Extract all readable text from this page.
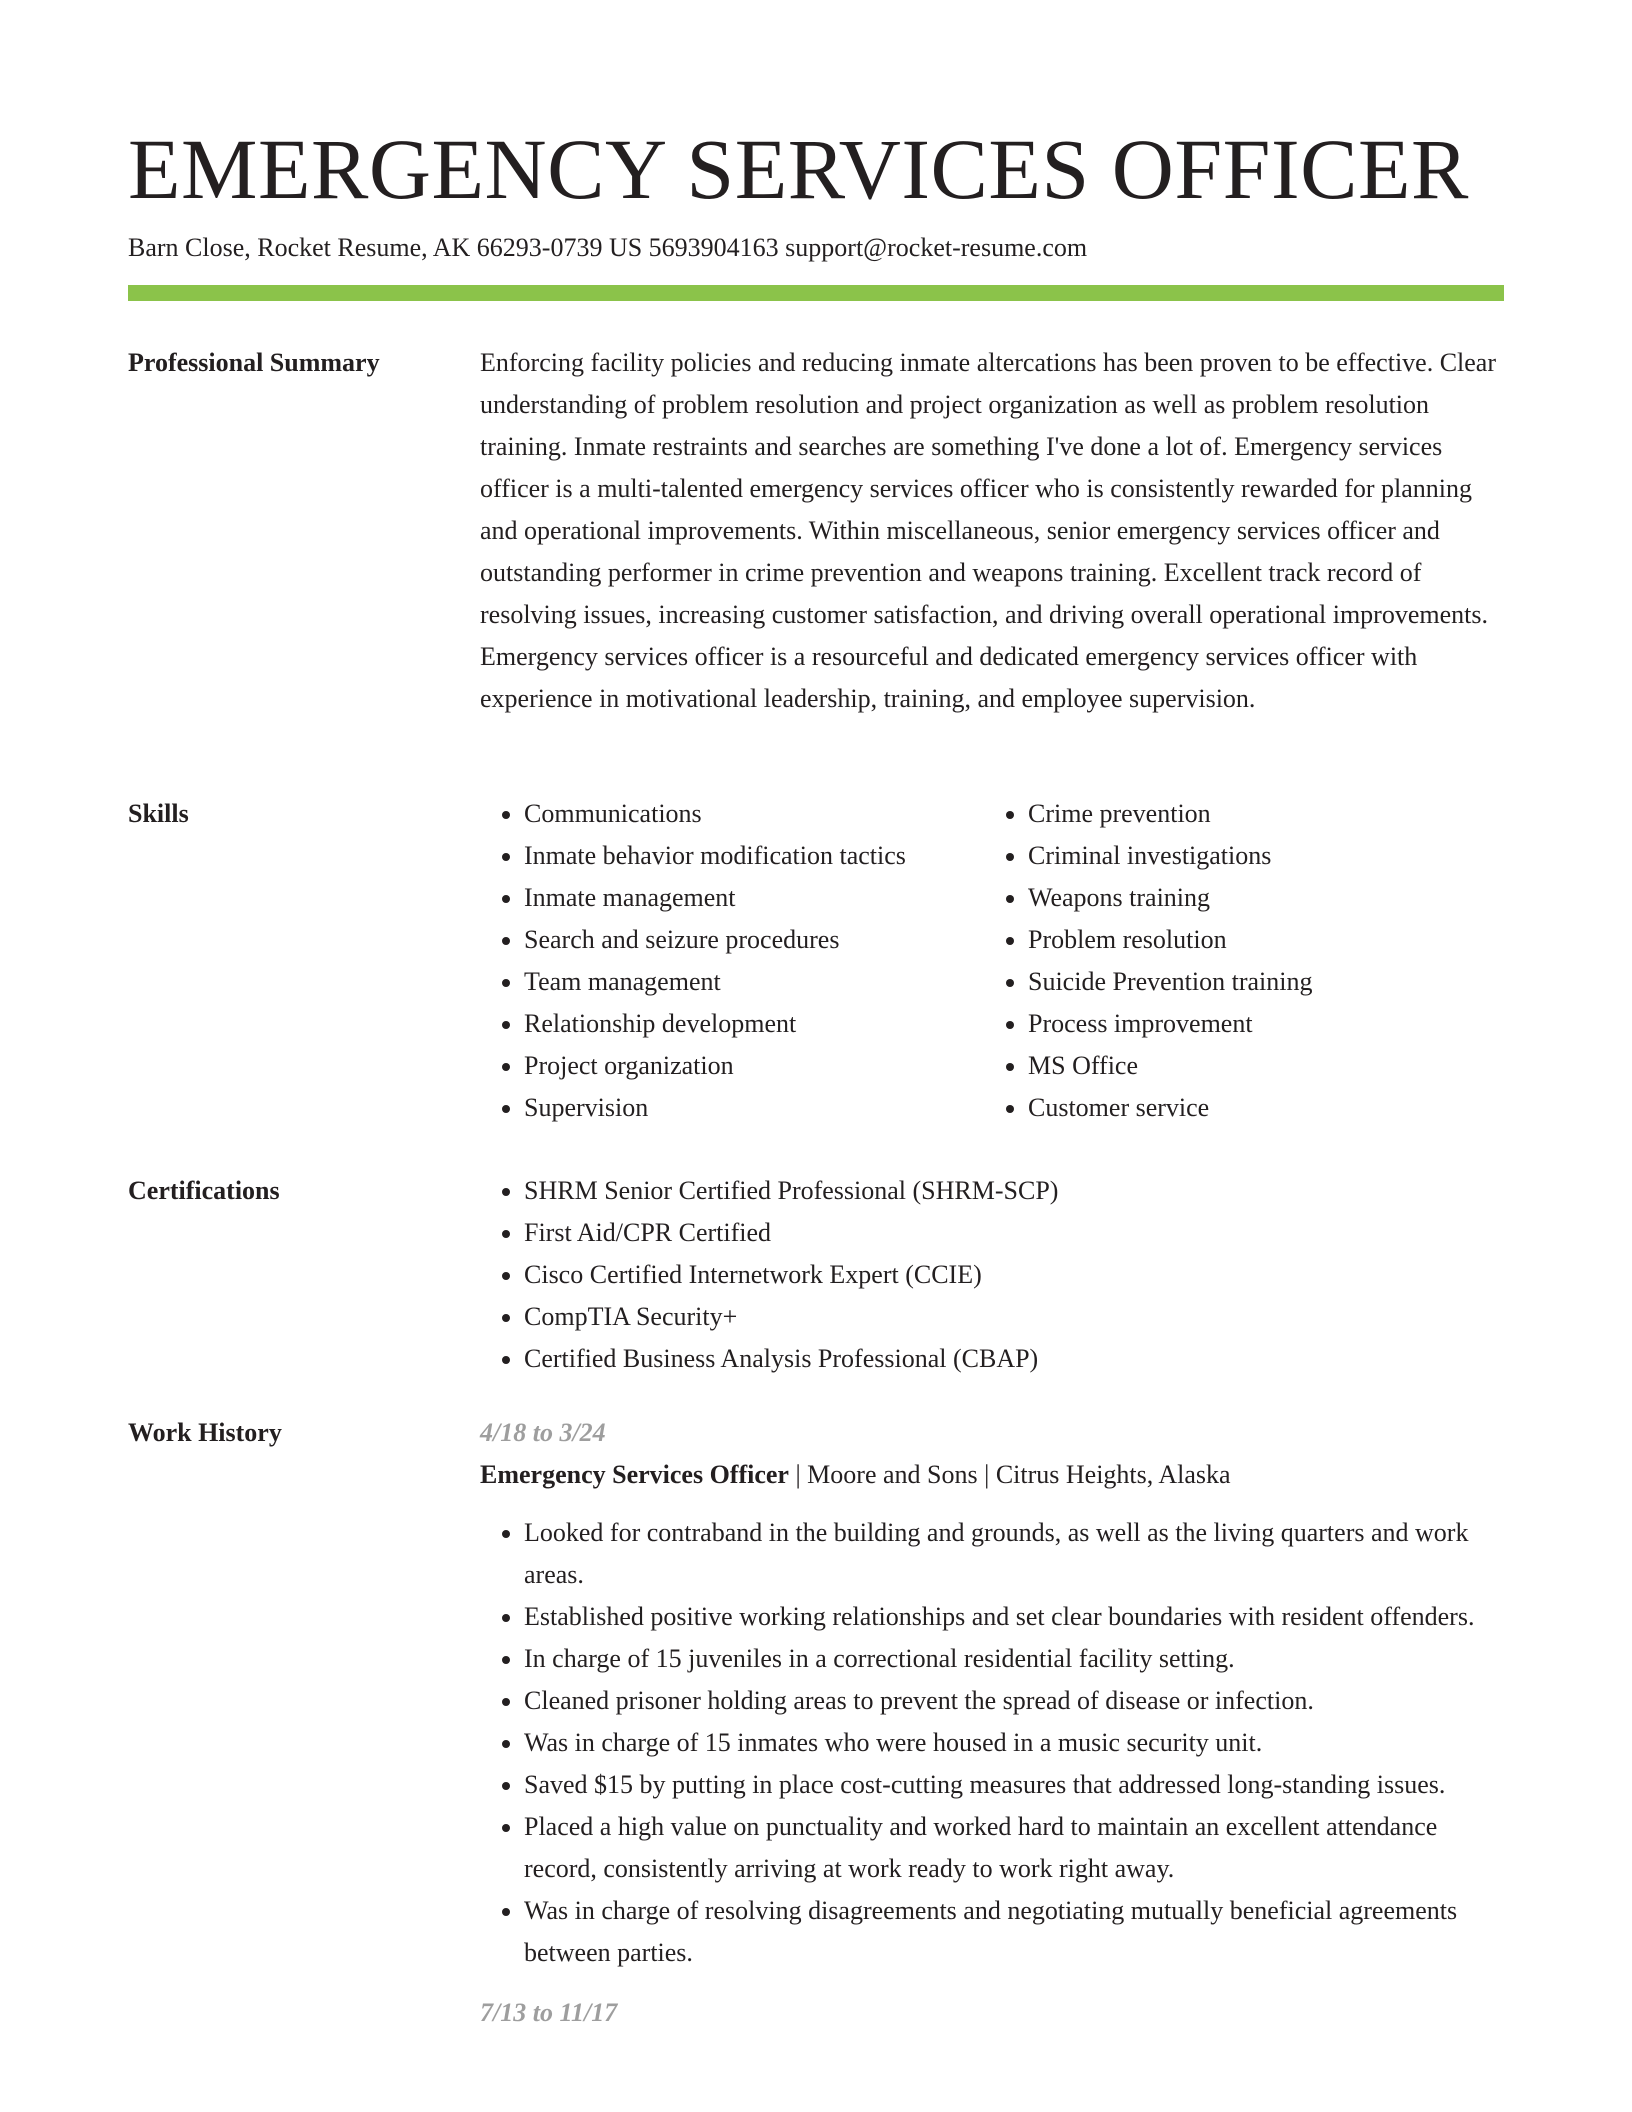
EMERGENCY SERVICES OFFICER
Barn Close, Rocket Resume, AK 66293-0739 US 5693904163 support@rocket-resume.com
Professional Summary	Enforcing facility policies and reducing inmate altercations has been proven to be effective. Clear understanding of problem resolution and project organization as well as problem resolution training. Inmate restraints and searches are something I've done a lot of. Emergency services officer is a multi-talented emergency services officer who is consistently rewarded for planning and operational improvements. Within miscellaneous, senior emergency services officer and outstanding performer in crime prevention and weapons training. Excellent track record of resolving issues, increasing customer satisfaction, and driving overall operational improvements. Emergency services officer is a resourceful and dedicated emergency services officer with experience in motivational leadership, training, and employee supervision.

Skills	• Communications
• Inmate behavior modification tactics
• Inmate management
• Search and seizure procedures
• Team management
• Relationship development
• Project organization
• Supervision
• Crime prevention
• Criminal investigations
• Weapons training
• Problem resolution
• Suicide Prevention training
• Process improvement
• MS Office
• Customer service
Certifications	• SHRM Senior Certified Professional (SHRM-SCP)
• First Aid/CPR Certified
• Cisco Certified Internetwork Expert (CCIE)
• CompTIA Security+
• Certified Business Analysis Professional (CBAP)
Work History	4/18 to 3/24
Emergency Services Officer | Moore and Sons | Citrus Heights, Alaska
• Looked for contraband in the building and grounds, as well as the living quarters and work areas.
• Established positive working relationships and set clear boundaries with resident offenders.
• In charge of 15 juveniles in a correctional residential facility setting.
• Cleaned prisoner holding areas to prevent the spread of disease or infection.
• Was in charge of 15 inmates who were housed in a music security unit.
• Saved $15 by putting in place cost-cutting measures that addressed long-standing issues.
• Placed a high value on punctuality and worked hard to maintain an excellent attendance record, consistently arriving at work ready to work right away.
• Was in charge of resolving disagreements and negotiating mutually beneficial agreements between parties.
7/13 to 11/17
